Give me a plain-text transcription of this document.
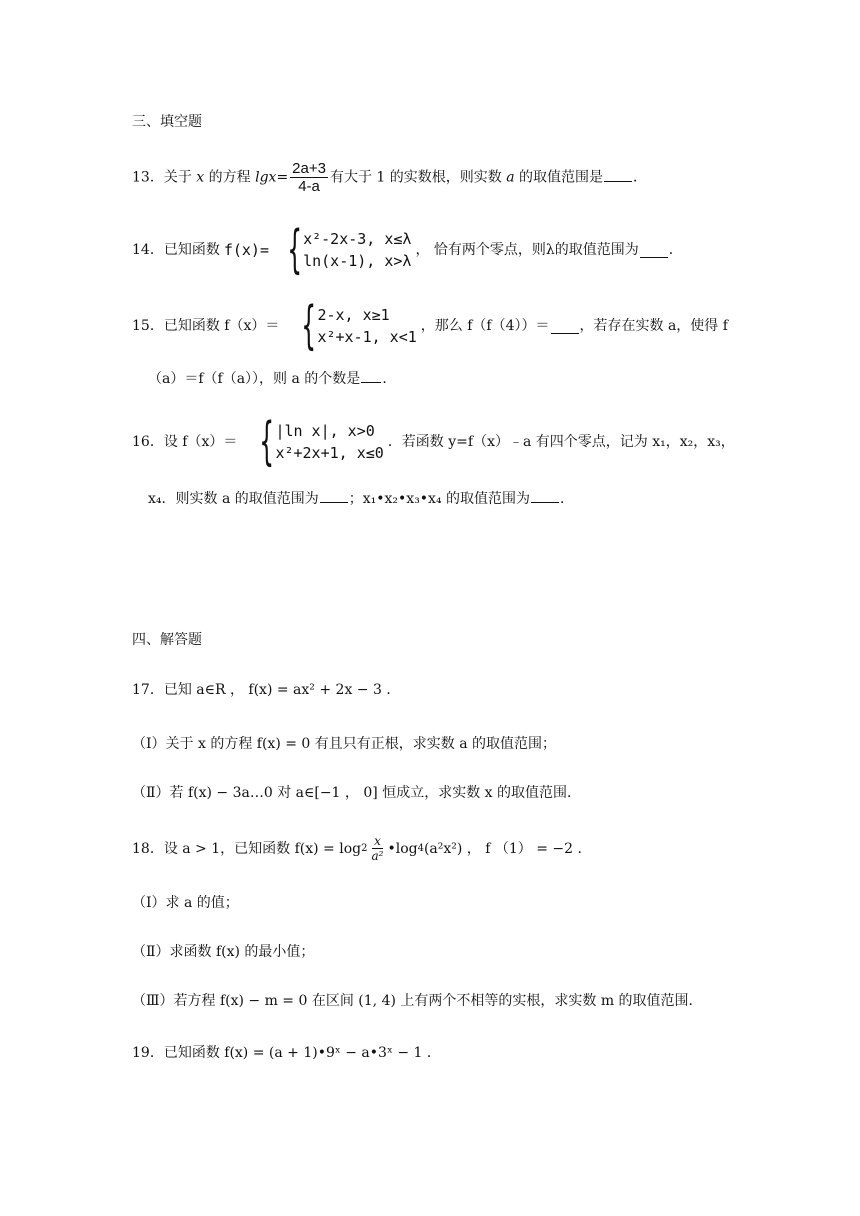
三、填空题
13．关于 x 的方程 $\lg x= \frac{2a+3}{4-a}$ 有大于 1 的实数根，则实数 a 的取值范围是 ．
14．已知函数 f(x)= { x²-2x-3, x≤λ
ln(x-1), x>λ
， 恰有两个零点，则λ的取值范围为 ．
15．已知函数 f（x）＝ { 2-x, x≥1
x²+x-1, x<1
，那么 f（f（4））＝ ，若存在实数 a，使得 f
（a）＝f（f（a）），则 a 的个数是 ．
16．设 f（x）＝ { |ln x|, x>0
x²+2x+1, x≤0
．若函数 y=f（x）﹣a 有四个零点，记为 x₁，x₂，x₃，
x₄．则实数 a 的取值范围为 ；x₁•x₂•x₃•x₄ 的取值范围为 ．
四、解答题
17．已知 a∈R ， f(x) = ax² + 2x − 3 ．
（Ⅰ）关于 x 的方程 f(x) = 0 有且只有正根，求实数 a 的取值范围；
（Ⅱ）若 f(x) − 3a…0 对 a∈[−1 ， 0] 恒成立，求实数 x 的取值范围．
18．设 a > 1，已知函数 $f(x) = \log 2 \frac{x}{\text{a²}}$ •log 4 (a²x²) ， f （1） = −2 ．
（Ⅰ）求 a 的值；
（Ⅱ）求函数 f(x) 的最小值；
（Ⅲ）若方程 f(x) − m = 0 在区间 (1, 4) 上有两个不相等的实根，求实数 m 的取值范围．
19．已知函数 f(x) = (a + 1)•9ˣ − a•3ˣ − 1 ．
